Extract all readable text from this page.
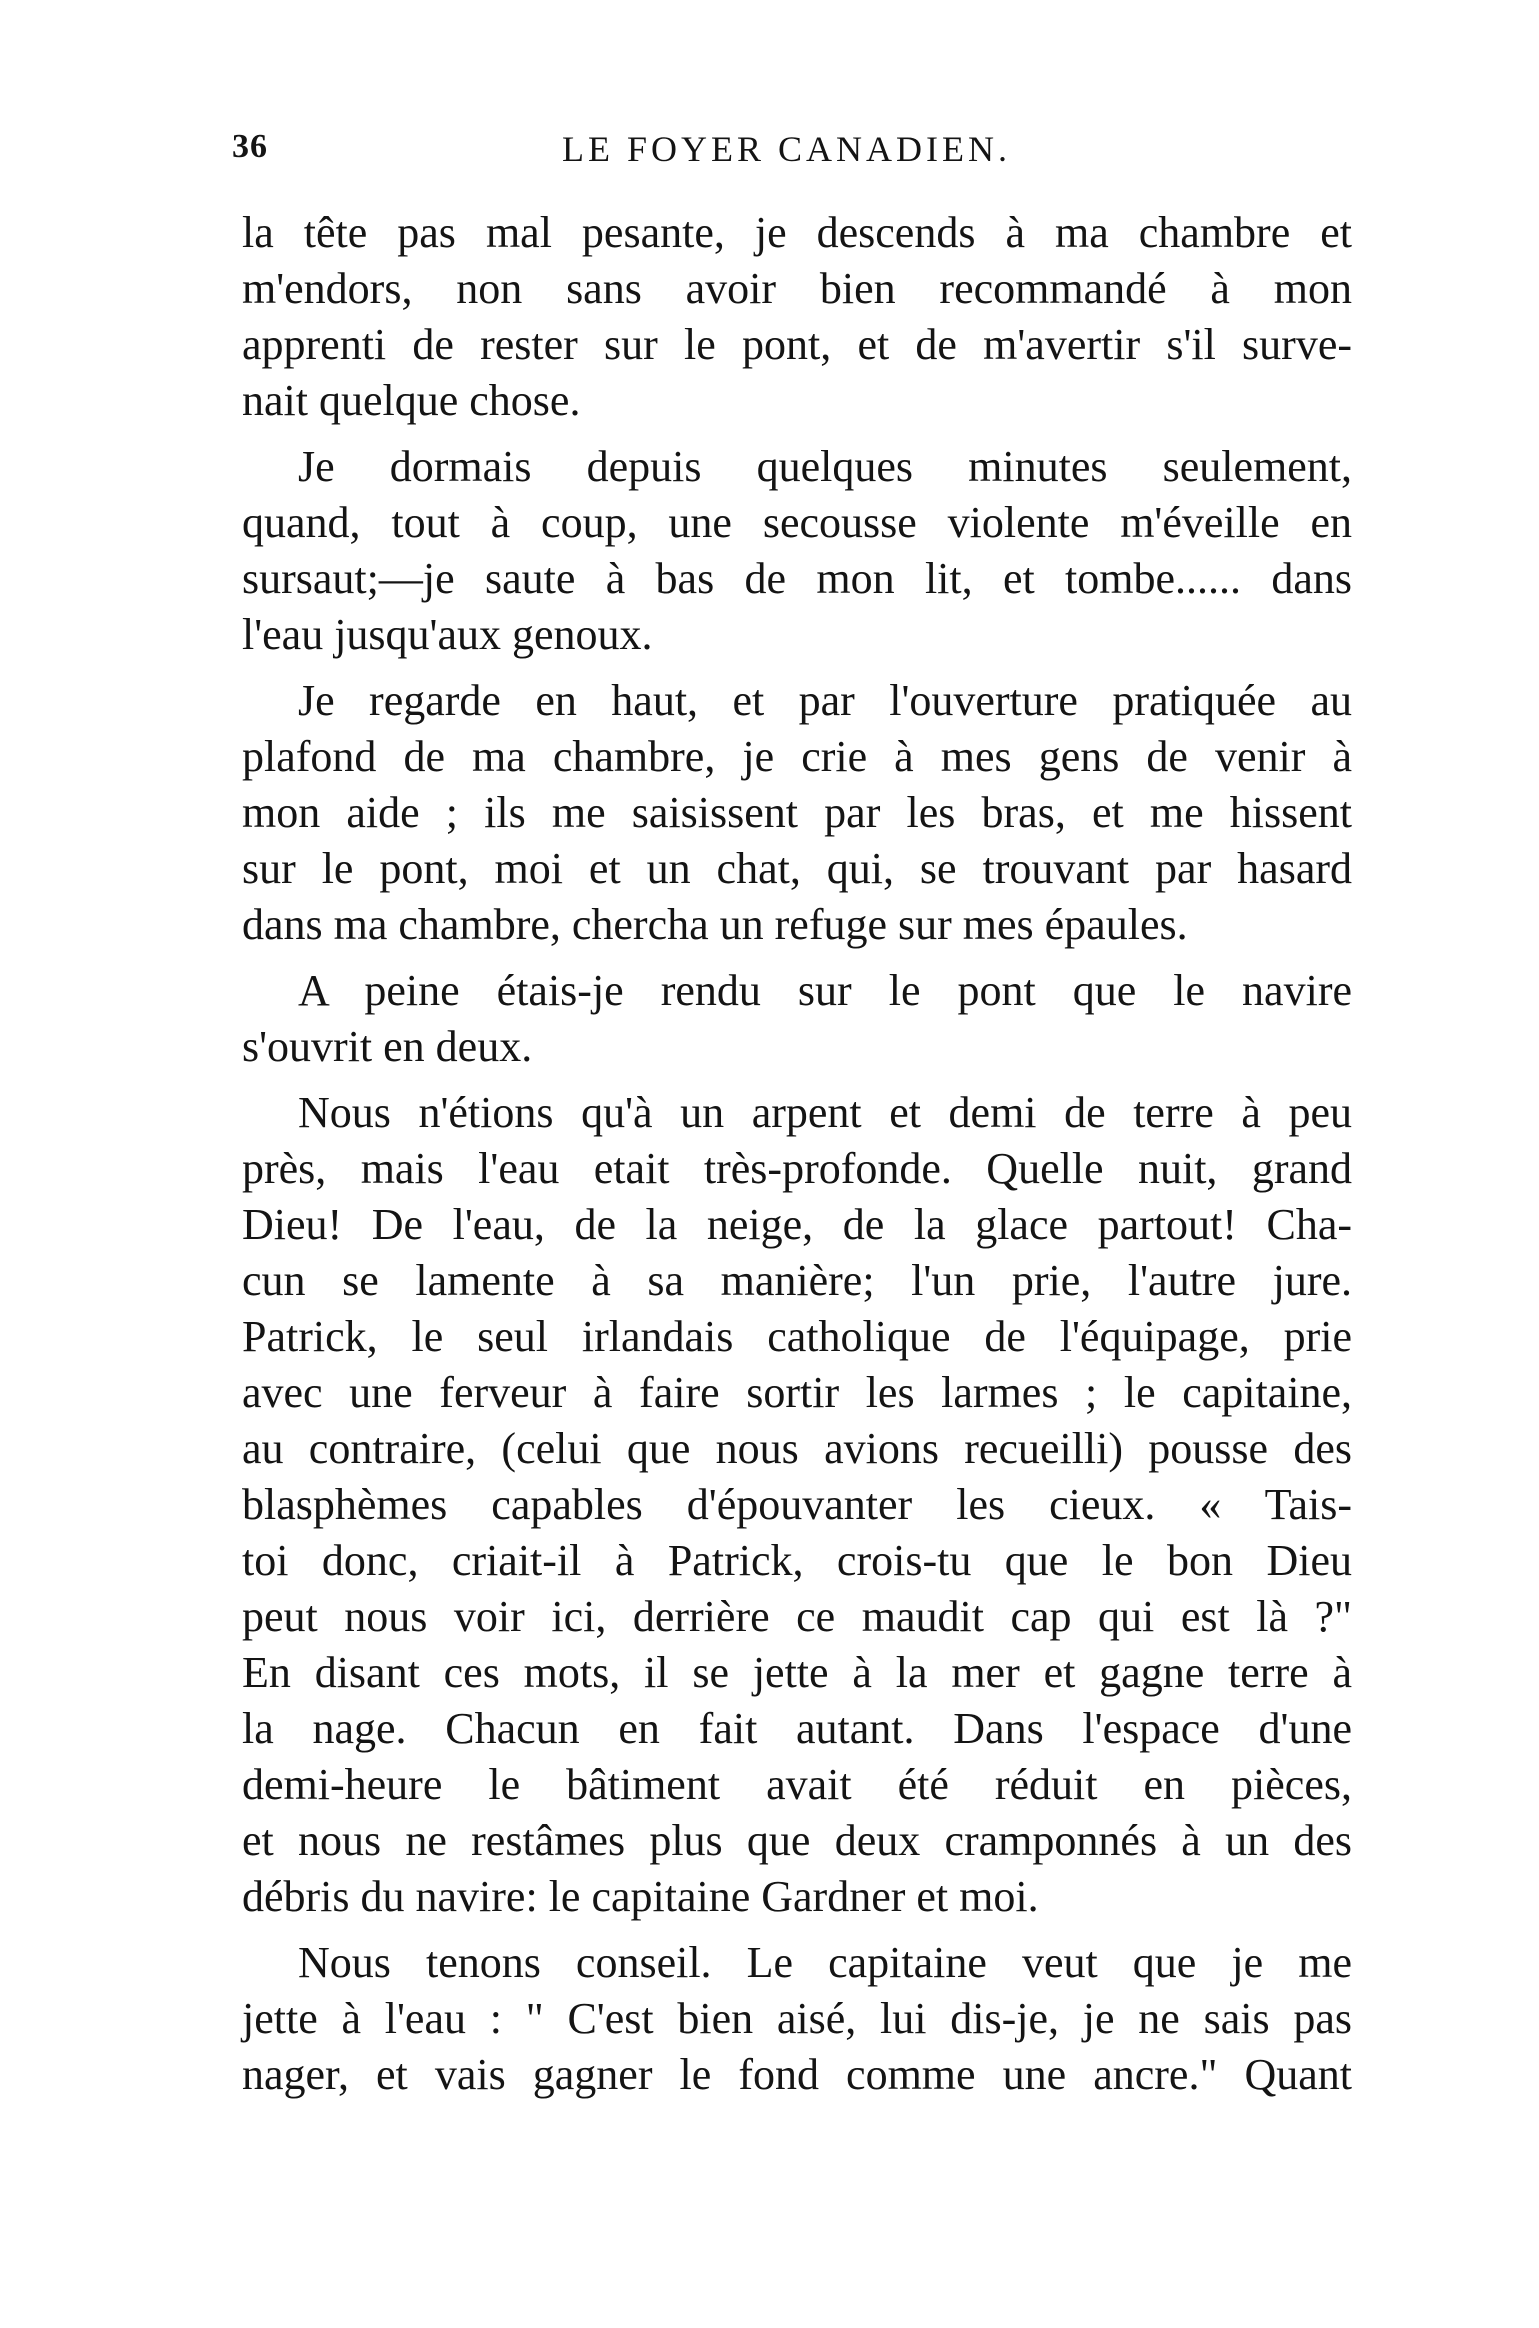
36	LE FOYER CANADIEN.
la tête pas mal pesante, je descends à ma chambre et
m'endors, non sans avoir bien recommandé à mon
apprenti de rester sur le pont, et de m'avertir s'il surve-
nait quelque chose.
Je dormais depuis quelques minutes seulement,
quand, tout à coup, une secousse violente m'éveille en
sursaut;—je saute à bas de mon lit, et tombe...... dans
l'eau jusqu'aux genoux.
Je regarde en haut, et par l'ouverture pratiquée au
plafond de ma chambre, je crie à mes gens de venir à
mon aide ; ils me saisissent par les bras, et me hissent
sur le pont, moi et un chat, qui, se trouvant par hasard
dans ma chambre, chercha un refuge sur mes épaules.
A peine étais-je rendu sur le pont que le navire
s'ouvrit en deux.
Nous n'étions qu'à un arpent et demi de terre à peu
près, mais l'eau etait très-profonde. Quelle nuit, grand
Dieu! De l'eau, de la neige, de la glace partout! Cha-
cun se lamente à sa manière; l'un prie, l'autre jure.
Patrick, le seul irlandais catholique de l'équipage, prie
avec une ferveur à faire sortir les larmes ; le capitaine,
au contraire, (celui que nous avions recueilli) pousse des
blasphèmes capables d'épouvanter les cieux. « Tais-
toi donc, criait-il à Patrick, crois-tu que le bon Dieu
peut nous voir ici, derrière ce maudit cap qui est là ?"
En disant ces mots, il se jette à la mer et gagne terre à
la nage. Chacun en fait autant. Dans l'espace d'une
demi-heure le bâtiment avait été réduit en pièces,
et nous ne restâmes plus que deux cramponnés à un des
débris du navire: le capitaine Gardner et moi.
Nous tenons conseil. Le capitaine veut que je me
jette à l'eau : " C'est bien aisé, lui dis-je, je ne sais pas
nager, et vais gagner le fond comme une ancre." Quant
